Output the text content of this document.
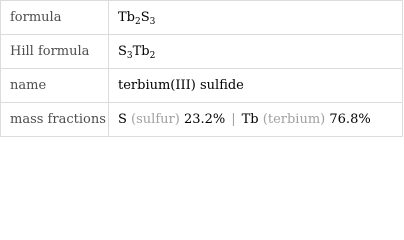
formula	$Tb_2S_3$
Hill formula	$S_3Tb_2$
name	terbium(III) sulfide
mass fractions	S (sulfur) 23.2% | Tb (terbium) 76.8%
